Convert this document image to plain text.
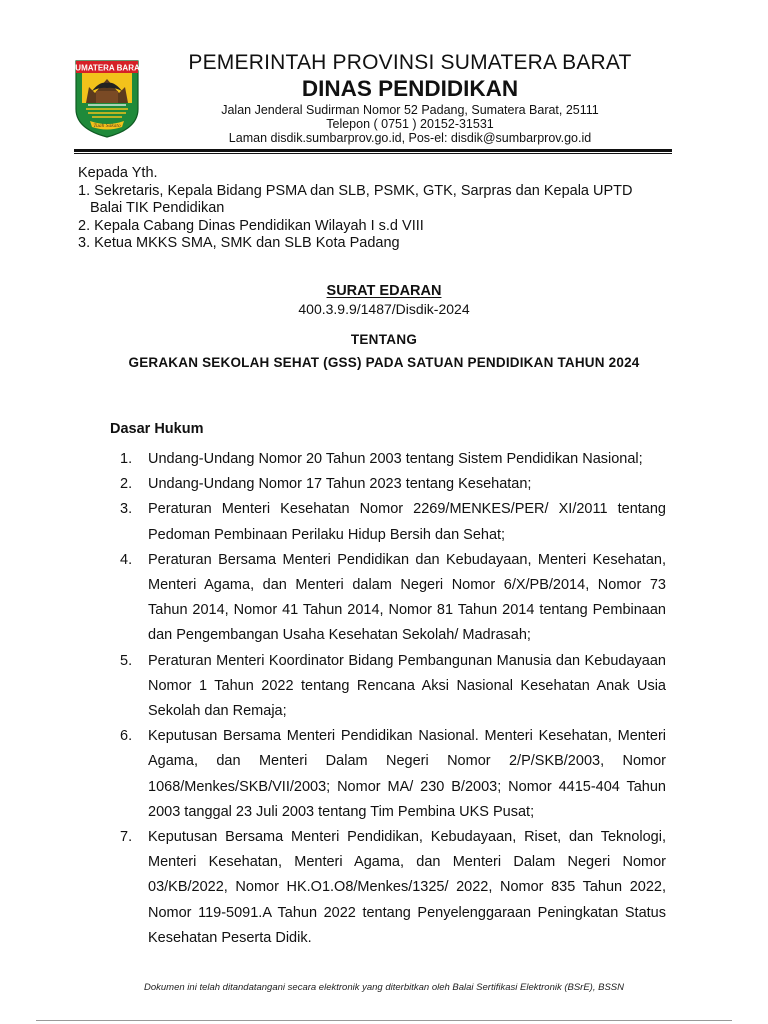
SUMATERA BARAT
Tuah Sakato
PEMERINTAH PROVINSI SUMATERA BARAT
DINAS PENDIDIKAN
Jalan Jenderal Sudirman Nomor 52 Padang, Sumatera Barat, 25111
Telepon ( 0751 ) 20152-31531
Laman disdik.sumbarprov.go.id, Pos-el: disdik@sumbarprov.go.id
Kepada Yth.
1. Sekretaris, Kepala Bidang PSMA dan SLB, PSMK, GTK, Sarpras dan Kepala UPTD
Balai TIK Pendidikan
2. Kepala Cabang Dinas Pendidikan Wilayah I s.d VIII
3. Ketua MKKS SMA, SMK dan SLB Kota Padang
SURAT EDARAN
400.3.9.9/1487/Disdik-2024
TENTANG
GERAKAN SEKOLAH SEHAT (GSS) PADA SATUAN PENDIDIKAN TAHUN 2024
Dasar Hukum
1. Undang-Undang Nomor 20 Tahun 2003 tentang Sistem Pendidikan Nasional;
2. Undang-Undang Nomor 17 Tahun 2023 tentang Kesehatan;
3. Peraturan Menteri Kesehatan Nomor 2269/MENKES/PER/ XI/2011 tentang Pedoman Pembinaan Perilaku Hidup Bersih dan Sehat;
4. Peraturan Bersama Menteri Pendidikan dan Kebudayaan, Menteri Kesehatan, Menteri Agama, dan Menteri dalam Negeri Nomor 6/X/PB/2014, Nomor 73 Tahun 2014, Nomor 41 Tahun 2014, Nomor 81 Tahun 2014 tentang Pembinaan dan Pengembangan Usaha Kesehatan Sekolah/ Madrasah;
5. Peraturan Menteri Koordinator Bidang Pembangunan Manusia dan Kebudayaan Nomor 1 Tahun 2022 tentang Rencana Aksi Nasional Kesehatan Anak Usia Sekolah dan Remaja;
6. Keputusan Bersama Menteri Pendidikan Nasional. Menteri Kesehatan, Menteri Agama, dan Menteri Dalam Negeri Nomor 2/P/SKB/2003, Nomor 1068/Menkes/SKB/VII/2003; Nomor MA/ 230 B/2003; Nomor 4415-404 Tahun 2003 tanggal 23 Juli 2003 tentang Tim Pembina UKS Pusat;
7. Keputusan Bersama Menteri Pendidikan, Kebudayaan, Riset, dan Teknologi, Menteri Kesehatan, Menteri Agama, dan Menteri Dalam Negeri Nomor 03/KB/2022, Nomor HK.O1.O8/Menkes/1325/ 2022, Nomor 835 Tahun 2022, Nomor 119-5091.A Tahun 2022 tentang Penyelenggaraan Peningkatan Status Kesehatan Peserta Didik.
Dokumen ini telah ditandatangani secara elektronik yang diterbitkan oleh Balai Sertifikasi Elektronik (BSrE), BSSN
